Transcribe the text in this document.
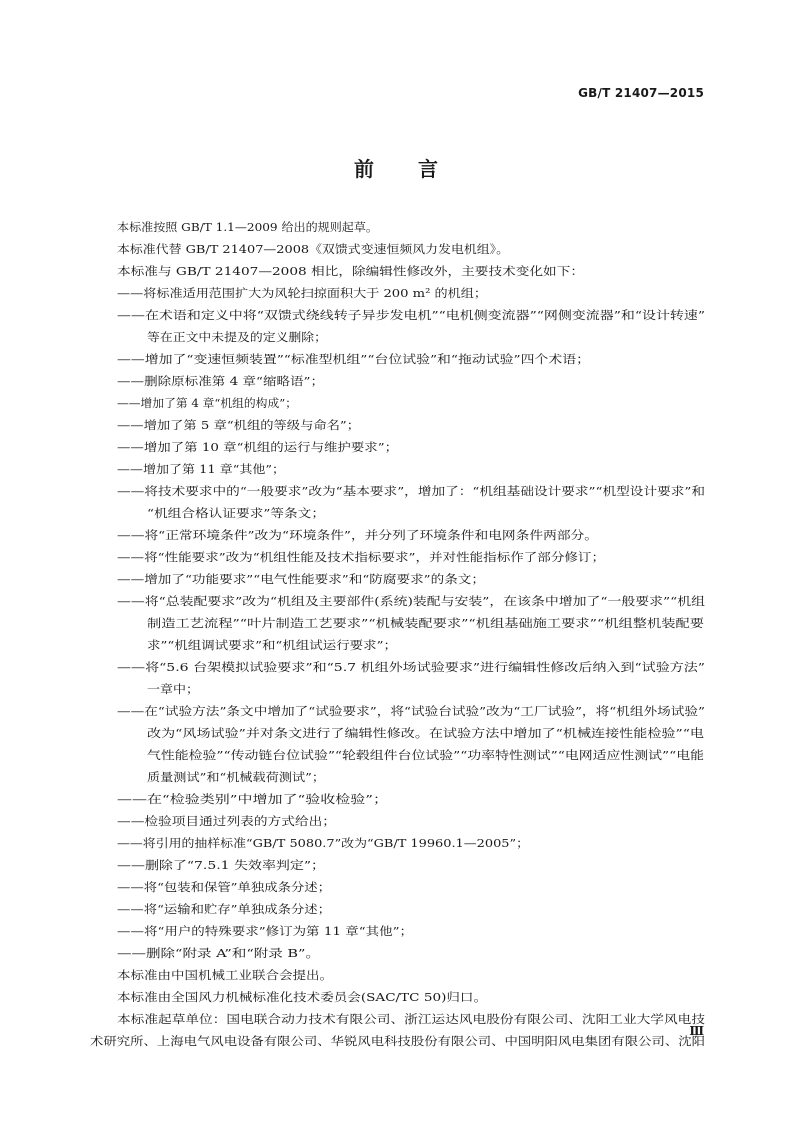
GB/T 21407—2015
前 言
本标准按照 GB/T 1.1—2009 给出的规则起草。
本标准代替 GB/T 21407—2008《双馈式变速恒频风力发电机组》。
本标准与 GB/T 21407—2008 相比，除编辑性修改外，主要技术变化如下：
——将标准适用范围扩大为风轮扫掠面积大于 200 m² 的机组；
——在术语和定义中将“双馈式绕线转子异步发电机”“电机侧变流器”“网侧变流器”和“设计转速”
等在正文中未提及的定义删除；
——增加了“变速恒频装置”“标准型机组”“台位试验”和“拖动试验”四个术语；
——删除原标准第 4 章“缩略语”；
——增加了第 4 章“机组的构成”；
——增加了第 5 章“机组的等级与命名”；
——增加了第 10 章“机组的运行与维护要求”；
——增加了第 11 章“其他”；
——将技术要求中的“一般要求”改为“基本要求”，增加了：“机组基础设计要求”“机型设计要求”和
“机组合格认证要求”等条文；
——将“正常环境条件”改为“环境条件”，并分列了环境条件和电网条件两部分。
——将“性能要求”改为“机组性能及技术指标要求”，并对性能指标作了部分修订；
——增加了“功能要求”“电气性能要求”和“防腐要求”的条文；
——将“总装配要求”改为“机组及主要部件(系统)装配与安装”，在该条中增加了“一般要求”“机组
制造工艺流程”“叶片制造工艺要求”“机械装配要求”“机组基础施工要求”“机组整机装配要
求”“机组调试要求”和“机组试运行要求”；
——将“5.6 台架模拟试验要求”和“5.7 机组外场试验要求”进行编辑性修改后纳入到“试验方法”
一章中；
——在“试验方法”条文中增加了“试验要求”，将“试验台试验”改为“工厂试验”，将“机组外场试验”
改为“风场试验”并对条文进行了编辑性修改。在试验方法中增加了“机械连接性能检验”“电
气性能检验”“传动链台位试验”“轮毂组件台位试验”“功率特性测试”“电网适应性测试”“电能
质量测试”和“机械载荷测试”；
——在“检验类别”中增加了“验收检验”；
——检验项目通过列表的方式给出；
——将引用的抽样标准“GB/T 5080.7”改为“GB/T 19960.1—2005”；
——删除了“7.5.1 失效率判定”；
——将“包装和保管”单独成条分述；
——将“运输和贮存”单独成条分述；
——将“用户的特殊要求”修订为第 11 章“其他”；
——删除“附录 A”和“附录 B”。
本标准由中国机械工业联合会提出。
本标准由全国风力机械标准化技术委员会(SAC/TC 50)归口。
本标准起草单位：国电联合动力技术有限公司、浙江运达风电股份有限公司、沈阳工业大学风电技
术研究所、上海电气风电设备有限公司、华锐风电科技股份有限公司、中国明阳风电集团有限公司、沈阳
Ⅲ
